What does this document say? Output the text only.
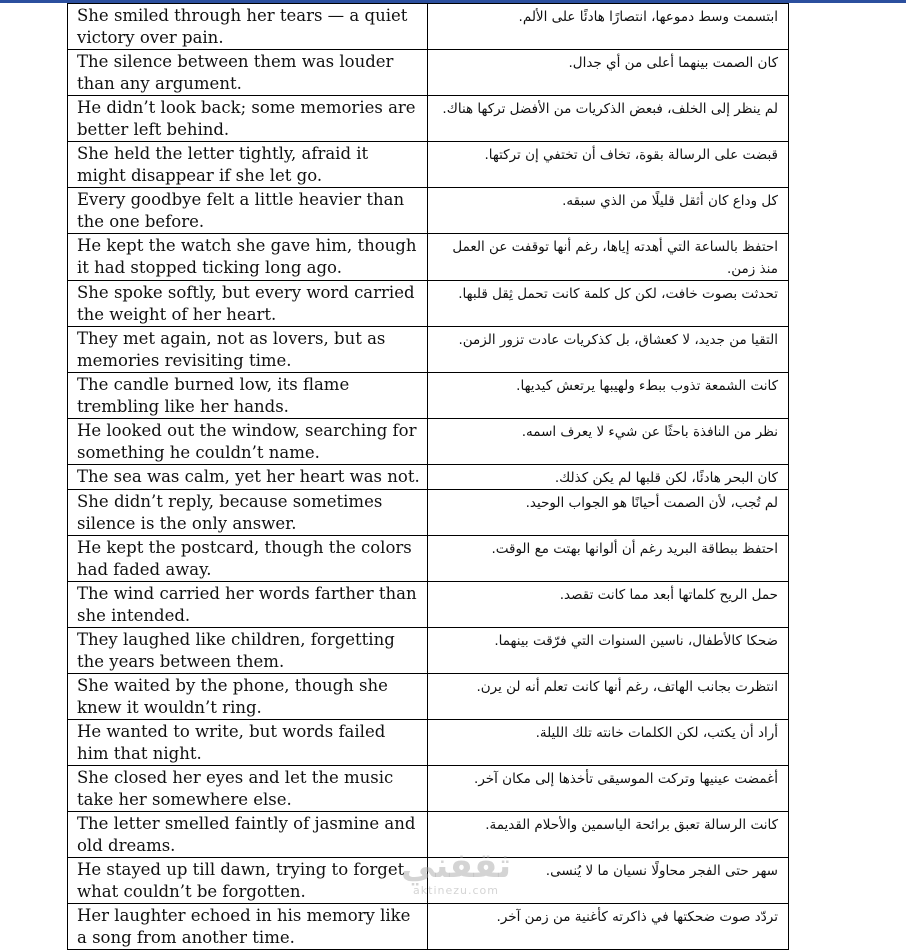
She smiled through her tears — a quiet victory over pain.	ابتسمت وسط دموعها، انتصارًا هادئًا على الألم.
The silence between them was louder than any argument.	كان الصمت بينهما أعلى من أي جدال.
He didn’t look back; some memories are better left behind.	لم ينظر إلى الخلف، فبعض الذكريات من الأفضل تركها هناك.
She held the letter tightly, afraid it might disappear if she let go.	قبضت على الرسالة بقوة، تخاف أن تختفي إن تركتها.
Every goodbye felt a little heavier than the one before.	كل وداع كان أثقل قليلًا من الذي سبقه.
He kept the watch she gave him, though it had stopped ticking long ago.	احتفظ بالساعة التي أهدته إياها، رغم أنها توقفت عن العمل منذ زمن.
She spoke softly, but every word carried the weight of her heart.	تحدثت بصوت خافت، لكن كل كلمة كانت تحمل ثِقل قلبها.
They met again, not as lovers, but as memories revisiting time.	التقيا من جديد، لا كعشاق، بل كذكريات عادت تزور الزمن.
The candle burned low, its flame trembling like her hands.	كانت الشمعة تذوب ببطء ولهيبها يرتعش كيديها.
He looked out the window, searching for something he couldn’t name.	نظر من النافذة باحثًا عن شيء لا يعرف اسمه.
The sea was calm, yet her heart was not.	كان البحر هادئًا، لكن قلبها لم يكن كذلك.
She didn’t reply, because sometimes silence is the only answer.	لم تُجب، لأن الصمت أحيانًا هو الجواب الوحيد.
He kept the postcard, though the colors had faded away.	احتفظ ببطاقة البريد رغم أن ألوانها بهتت مع الوقت.
The wind carried her words farther than she intended.	حمل الريح كلماتها أبعد مما كانت تقصد.
They laughed like children, forgetting the years between them.	ضحكا كالأطفال، ناسين السنوات التي فرّقت بينهما.
She waited by the phone, though she knew it wouldn’t ring.	انتظرت بجانب الهاتف، رغم أنها كانت تعلم أنه لن يرن.
He wanted to write, but words failed him that night.	أراد أن يكتب، لكن الكلمات خانته تلك الليلة.
She closed her eyes and let the music take her somewhere else.	أغمضت عينيها وتركت الموسيقى تأخذها إلى مكان آخر.
The letter smelled faintly of jasmine and old dreams.	كانت الرسالة تعبق برائحة الياسمين والأحلام القديمة.
He stayed up till dawn, trying to forget what couldn’t be forgotten.	سهر حتى الفجر محاولًا نسيان ما لا يُنسى.
Her laughter echoed in his memory like a song from another time.	تردّد صوت ضحكتها في ذاكرته كأغنية من زمن آخر.
ثقفني
aktinezu.com
